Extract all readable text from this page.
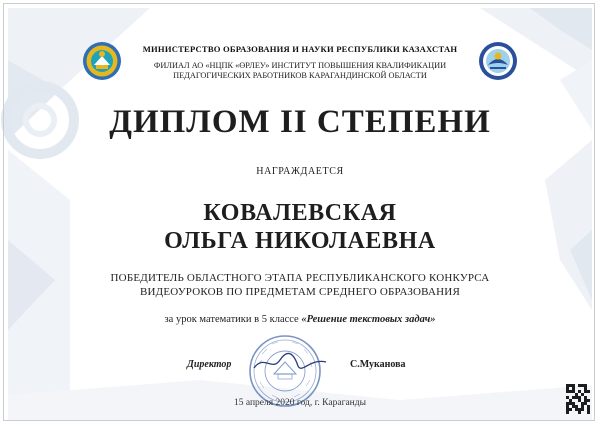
МИНИСТЕРСТВО ОБРАЗОВАНИЯ И НАУКИ РЕСПУБЛИКИ КАЗАХСТАН
ФИЛИАЛ АО «НЦПК «ӨРЛЕУ» ИНСТИТУТ ПОВЫШЕНИЯ КВАЛИФИКАЦИИ
ПЕДАГОГИЧЕСКИХ РАБОТНИКОВ КАРАГАНДИНСКОЙ ОБЛАСТИ
ДИПЛОМ II СТЕПЕНИ
НАГРАЖДАЕТСЯ
КОВАЛЕВСКАЯ
ОЛЬГА НИКОЛАЕВНА
ПОБЕДИТЕЛЬ ОБЛАСТНОГО ЭТАПА РЕСПУБЛИКАНСКОГО КОНКУРСА
ВИДЕОУРОКОВ ПО ПРЕДМЕТАМ СРЕДНЕГО ОБРАЗОВАНИЯ
за урок математики в 5 классе «Решение текстовых задач»
Директор	С.Муканова
15 апреля 2020 год, г. Караганды
